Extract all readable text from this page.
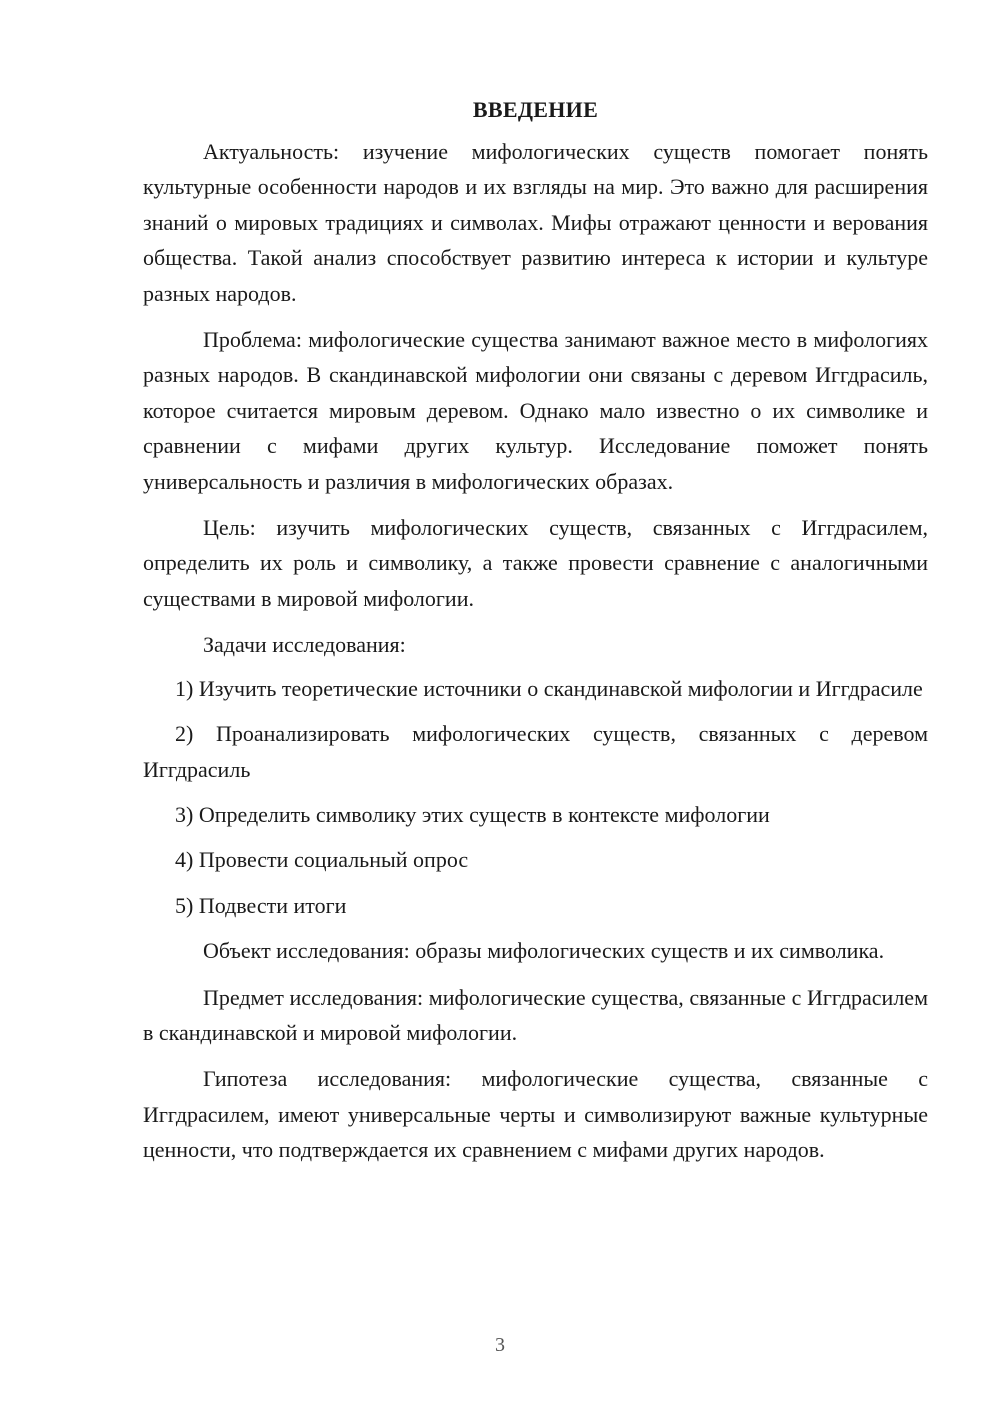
ВВЕДЕНИЕ

Актуальность: изучение мифологических существ помогает понять культурные особенности народов и их взгляды на мир. Это важно для расширения знаний о мировых традициях и символах. Мифы отражают ценности и верования общества. Такой анализ способствует развитию интереса к истории и культуре разных народов.

Проблема: мифологические существа занимают важное место в мифологиях разных народов. В скандинавской мифологии они связаны с деревом Иггдрасиль, которое считается мировым деревом. Однако мало известно о их символике и сравнении с мифами других культур. Исследование поможет понять универсальность и различия в мифологических образах.

Цель: изучить мифологических существ, связанных с Иггдрасилем, определить их роль и символику, а также провести сравнение с аналогичными существами в мировой мифологии.

Задачи исследования:

1) Изучить теоретические источники о скандинавской мифологии и Иггдрасиле
2) Проанализировать мифологических существ, связанных с деревом Иггдрасиль
3) Определить символику этих существ в контексте мифологии
4) Провести социальный опрос
5) Подвести итоги

Объект исследования: образы мифологических существ и их символика.

Предмет исследования: мифологические существа, связанные с Иггдрасилем в скандинавской и мировой мифологии.

Гипотеза исследования: мифологические существа, связанные с Иггдрасилем, имеют универсальные черты и символизируют важные культурные ценности, что подтверждается их сравнением с мифами других народов.

3
